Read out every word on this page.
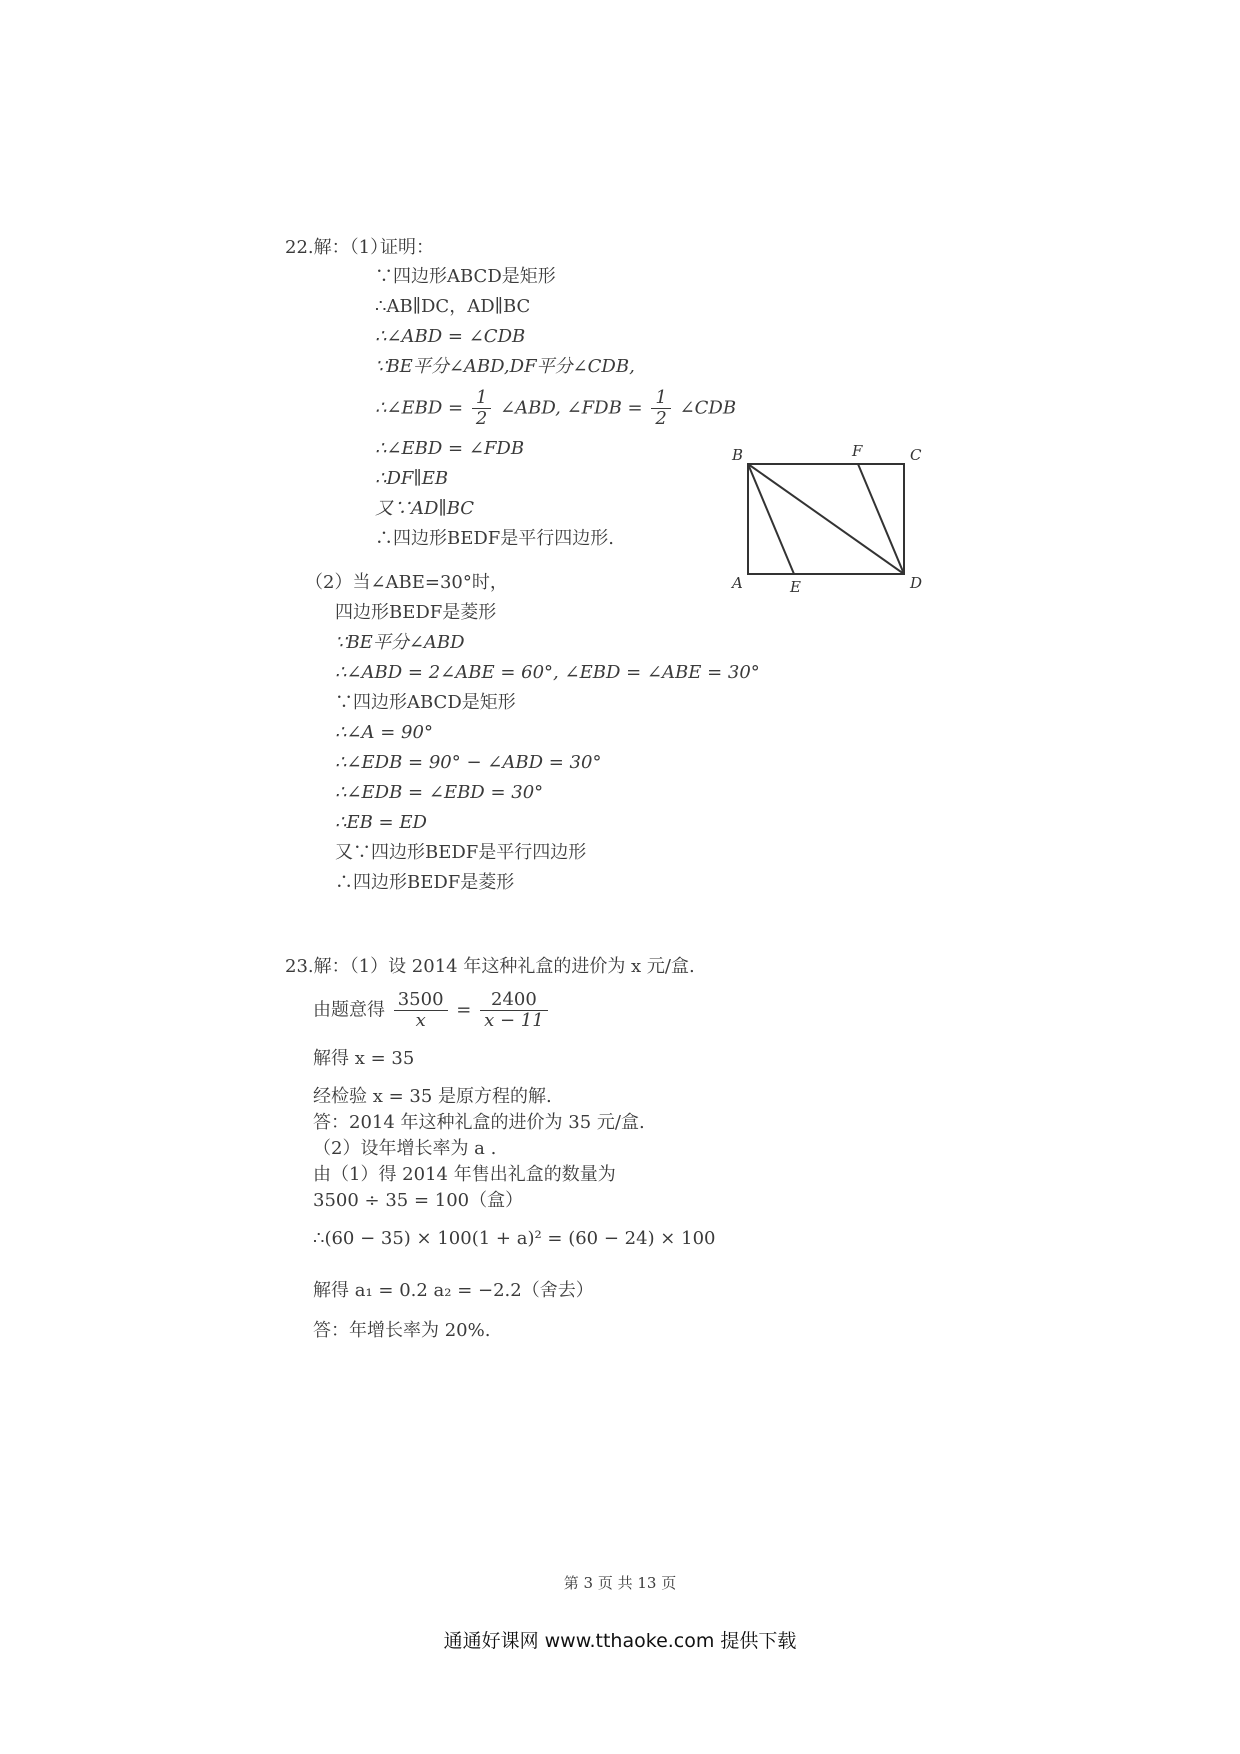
22.解：（1）
证明：
∵四边形ABCD是矩形
∴AB∥DC，AD∥BC
∴∠ABD = ∠CDB
∵BE平分∠ABD,DF平分∠CDB,
∴∠EBD = $\frac{1}{2}$ ∠ABD, ∠FDB = $\frac{1}{2}$ ∠CDB
∴∠EBD = ∠FDB
∴DF∥EB
又∵AD∥BC
∴四边形BEDF是平行四边形.
B	F	C
A	E	D
（2）当∠ABE=30°时，
四边形BEDF是菱形
∵BE平分∠ABD
∴∠ABD = 2∠ABE = 60°, ∠EBD = ∠ABE = 30°
∵四边形ABCD是矩形
∴∠A = 90°
∴∠EDB = 90° − ∠ABD = 30°
∴∠EDB = ∠EBD = 30°
∴EB = ED
又∵四边形BEDF是平行四边形
∴四边形BEDF是菱形
23.解：（1）设 2014 年这种礼盒的进价为 x 元/盒.
由题意得 $\frac{3500}{x} = \frac{2400}{x - 11}$
解得 x = 35
经检验 x = 35 是原方程的解.
答：2014 年这种礼盒的进价为 35 元/盒.
（2）设年增长率为 a .
由（1）得 2014 年售出礼盒的数量为
3500 ÷ 35 = 100（盒）
∴(60 − 35) × 100(1 + a)² = (60 − 24) × 100
解得 a₁ = 0.2 a₂ = −2.2（舍去）
答：年增长率为 20%.
第 3 页 共 13 页
通通好课网 www.tthaoke.com 提供下载
